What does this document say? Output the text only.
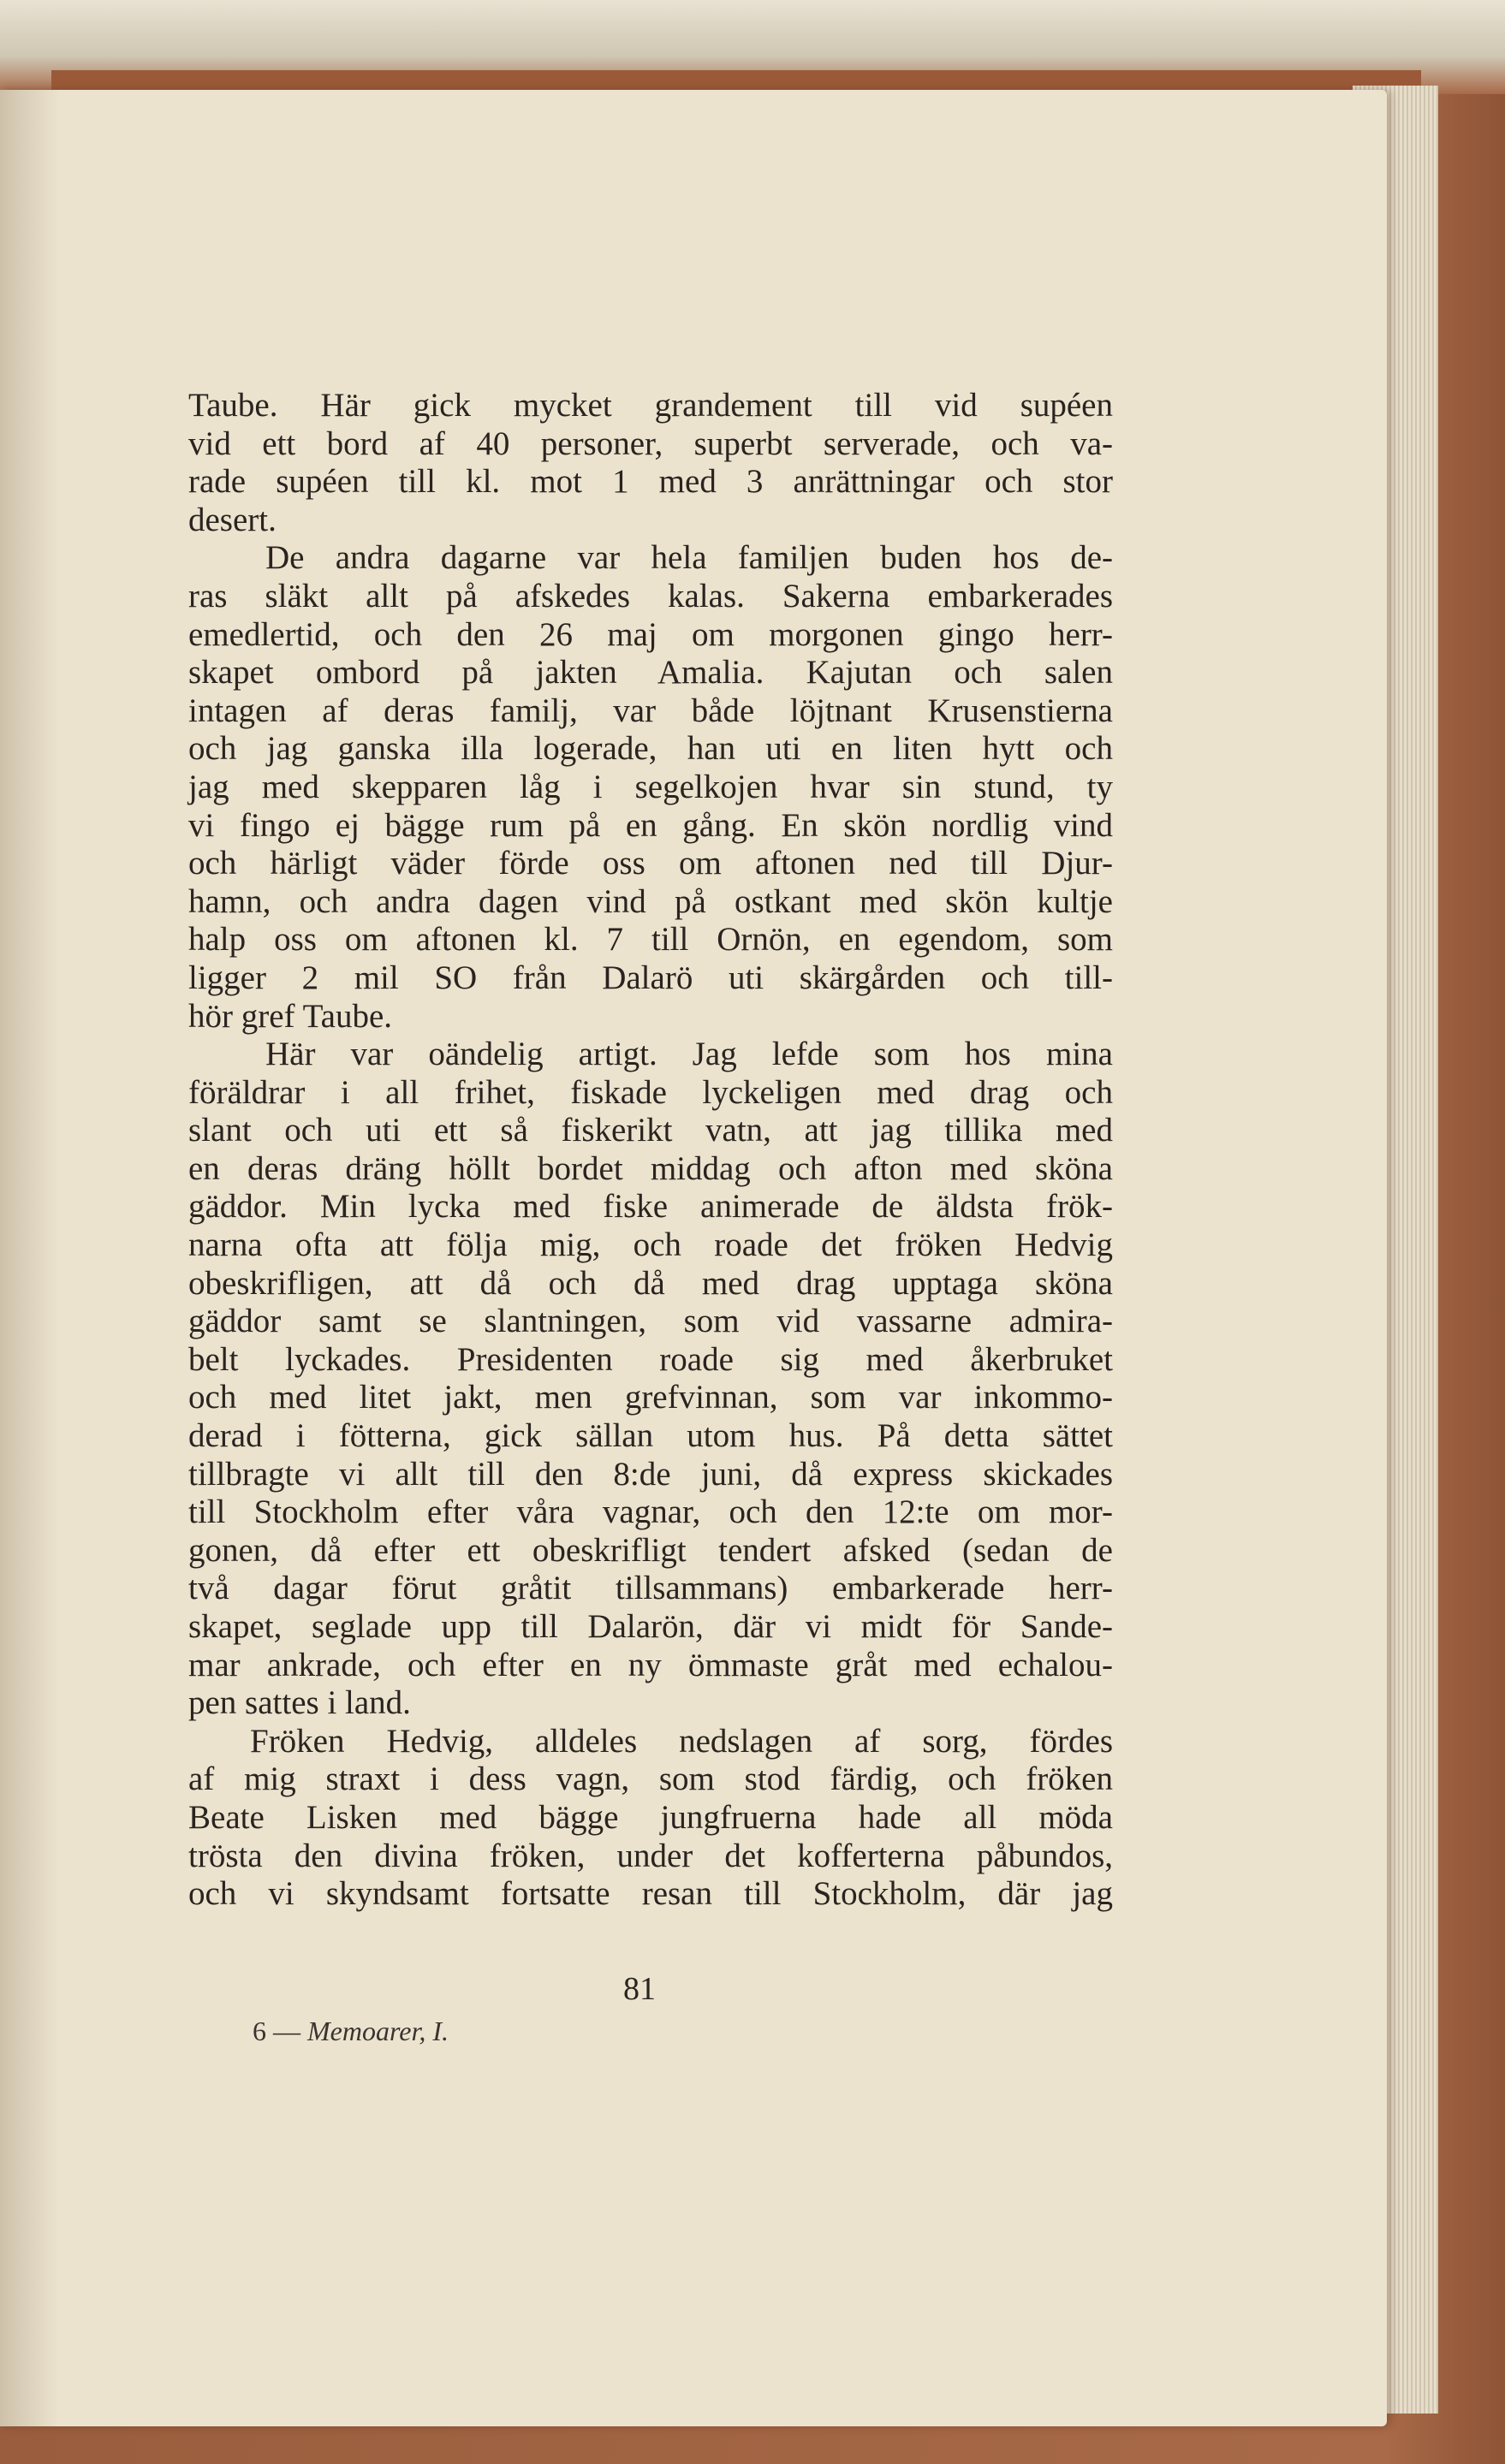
Taube. Här gick mycket grandement till vid supéen
vid ett bord af 40 personer, superbt serverade, och va-
rade supéen till kl. mot 1 med 3 anrättningar och stor
desert.
De andra dagarne var hela familjen buden hos de-
ras släkt allt på afskedes kalas. Sakerna embarkerades
emedlertid, och den 26 maj om morgonen gingo herr-
skapet ombord på jakten Amalia. Kajutan och salen
intagen af deras familj, var både löjtnant Krusenstierna
och jag ganska illa logerade, han uti en liten hytt och
jag med skepparen låg i segelkojen hvar sin stund, ty
vi fingo ej bägge rum på en gång. En skön nordlig vind
och härligt väder förde oss om aftonen ned till Djur-
hamn, och andra dagen vind på ostkant med skön kultje
halp oss om aftonen kl. 7 till Ornön, en egendom, som
ligger 2 mil SO från Dalarö uti skärgården och till-
hör gref Taube.
Här var oändelig artigt. Jag lefde som hos mina
föräldrar i all frihet, fiskade lyckeligen med drag och
slant och uti ett så fiskerikt vatn, att jag tillika med
en deras dräng höllt bordet middag och afton med sköna
gäddor. Min lycka med fiske animerade de äldsta frök-
narna ofta att följa mig, och roade det fröken Hedvig
obeskrifligen, att då och då med drag upptaga sköna
gäddor samt se slantningen, som vid vassarne admira-
belt lyckades. Presidenten roade sig med åkerbruket
och med litet jakt, men grefvinnan, som var inkommo-
derad i fötterna, gick sällan utom hus. På detta sättet
tillbragte vi allt till den 8:de juni, då express skickades
till Stockholm efter våra vagnar, och den 12:te om mor-
gonen, då efter ett obeskrifligt tendert afsked (sedan de
två dagar förut gråtit tillsammans) embarkerade herr-
skapet, seglade upp till Dalarön, där vi midt för Sande-
mar ankrade, och efter en ny ömmaste gråt med echalou-
pen sattes i land.
Fröken Hedvig, alldeles nedslagen af sorg, fördes
af mig straxt i dess vagn, som stod färdig, och fröken
Beate Lisken med bägge jungfruerna hade all möda
trösta den divina fröken, under det kofferterna påbundos,
och vi skyndsamt fortsatte resan till Stockholm, där jag
81
6 — Memoarer, I.
